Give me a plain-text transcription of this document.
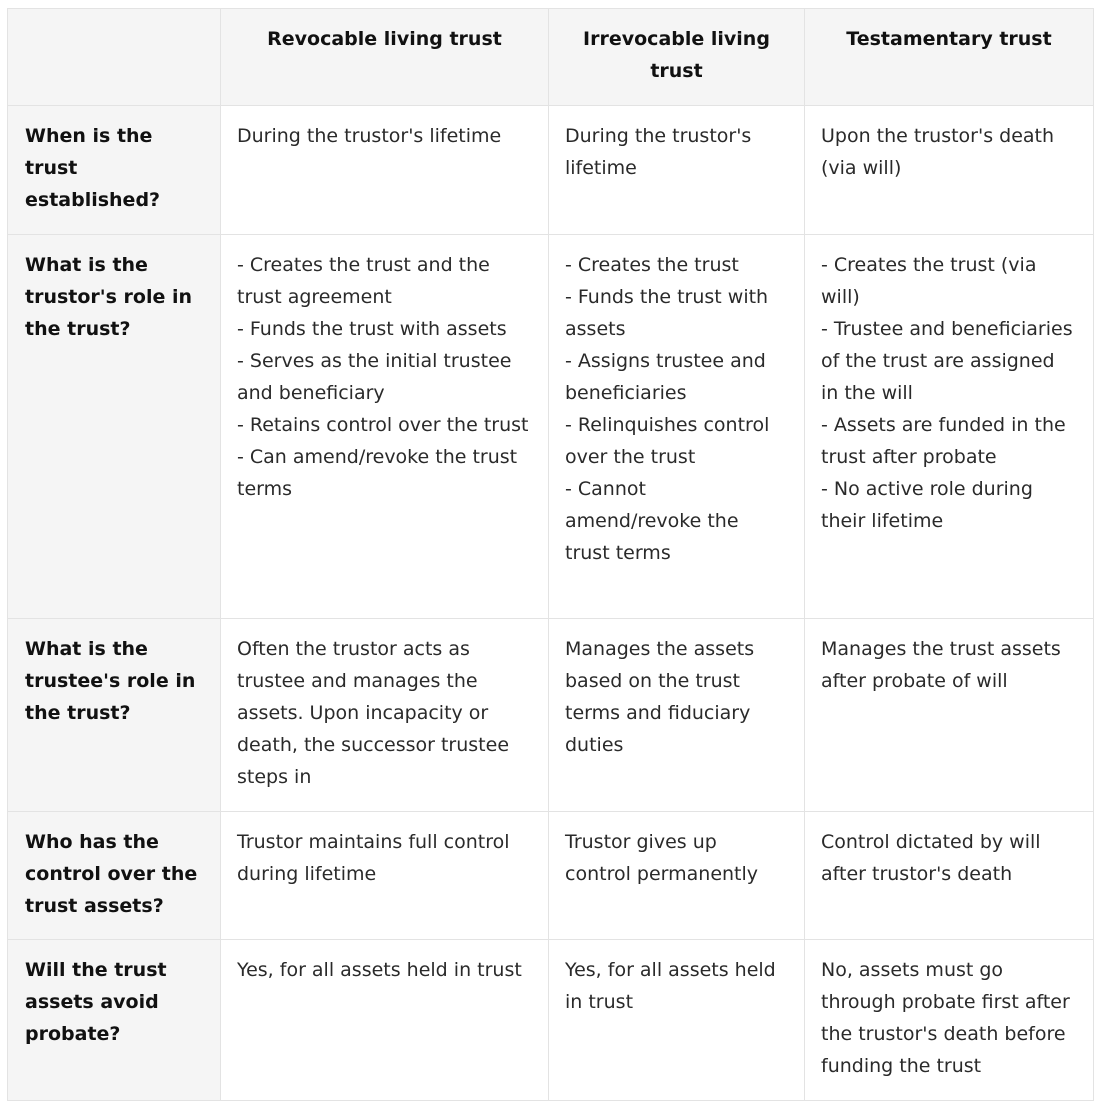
	Revocable living trust	Irrevocable living trust	Testamentary trust
When is the trust established?	During the trustor's lifetime	During the trustor's lifetime	Upon the trustor's death (via will)

What is the trustor's role in the trust?	- Creates the trust and the trust agreement
- Funds the trust with assets
- Serves as the initial trustee and beneficiary
- Retains control over the trust
- Can amend/revoke the trust terms	- Creates the trust
- Funds the trust with assets
- Assigns trustee and beneficiaries
- Relinquishes control over the trust
- Cannot amend/revoke the trust terms	- Creates the trust (via will)
- Trustee and beneficiaries of the trust are assigned in the will
- Assets are funded in the trust after probate
- No active role during their lifetime

What is the trustee's role in the trust?	Often the trustor acts as trustee and manages the assets. Upon incapacity or death, the successor trustee steps in	Manages the assets based on the trust terms and fiduciary duties	Manages the trust assets after probate of will

Who has the control over the trust assets?	Trustor maintains full control during lifetime	Trustor gives up control permanently	Control dictated by will after trustor's death

Will the trust assets avoid probate?	Yes, for all assets held in trust	Yes, for all assets held in trust	No, assets must go through probate first after the trustor's death before funding the trust
